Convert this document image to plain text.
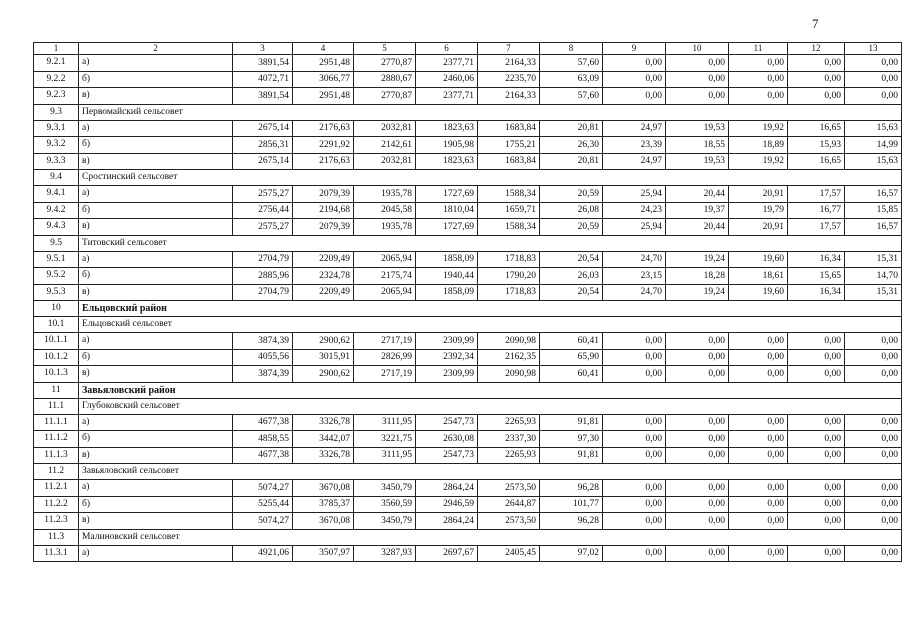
7
1	2	3	4	5	6	7	8	9	10	11	12	13
9.2.1	а)	3891,54	2951,48	2770,87	2377,71	2164,33	57,60	0,00	0,00	0,00	0,00	0,00
9.2.2	б)	4072,71	3066,77	2880,67	2460,06	2235,70	63,09	0,00	0,00	0,00	0,00	0,00
9.2.3	в)	3891,54	2951,48	2770,87	2377,71	2164,33	57,60	0,00	0,00	0,00	0,00	0,00
9.3	Первомайский сельсовет											
9.3.1	а)	2675,14	2176,63	2032,81	1823,63	1683,84	20,81	24,97	19,53	19,92	16,65	15,63
9.3.2	б)	2856,31	2291,92	2142,61	1905,98	1755,21	26,30	23,39	18,55	18,89	15,93	14,99
9.3.3	в)	2675,14	2176,63	2032,81	1823,63	1683,84	20,81	24,97	19,53	19,92	16,65	15,63
9.4	Сростинский сельсовет											
9.4.1	а)	2575,27	2079,39	1935,78	1727,69	1588,34	20,59	25,94	20,44	20,91	17,57	16,57
9.4.2	б)	2756,44	2194,68	2045,58	1810,04	1659,71	26,08	24,23	19,37	19,79	16,77	15,85
9.4.3	в)	2575,27	2079,39	1935,78	1727,69	1588,34	20,59	25,94	20,44	20,91	17,57	16,57
9.5	Титовский сельсовет											
9.5.1	а)	2704,79	2209,49	2065,94	1858,09	1718,83	20,54	24,70	19,24	19,60	16,34	15,31
9.5.2	б)	2885,96	2324,78	2175,74	1940,44	1790,20	26,03	23,15	18,28	18,61	15,65	14,70
9.5.3	в)	2704,79	2209,49	2065,94	1858,09	1718,83	20,54	24,70	19,24	19,60	16,34	15,31
10	Ельцовский район											
10.1	Ельцовский сельсовет											
10.1.1	а)	3874,39	2900,62	2717,19	2309,99	2090,98	60,41	0,00	0,00	0,00	0,00	0,00
10.1.2	б)	4055,56	3015,91	2826,99	2392,34	2162,35	65,90	0,00	0,00	0,00	0,00	0,00
10.1.3	в)	3874,39	2900,62	2717,19	2309,99	2090,98	60,41	0,00	0,00	0,00	0,00	0,00
11	Завьяловский район											
11.1	Глубоковский сельсовет											
11.1.1	а)	4677,38	3326,78	3111,95	2547,73	2265,93	91,81	0,00	0,00	0,00	0,00	0,00
11.1.2	б)	4858,55	3442,07	3221,75	2630,08	2337,30	97,30	0,00	0,00	0,00	0,00	0,00
11.1.3	в)	4677,38	3326,78	3111,95	2547,73	2265,93	91,81	0,00	0,00	0,00	0,00	0,00
11.2	Завьяловский сельсовет											
11.2.1	а)	5074,27	3670,08	3450,79	2864,24	2573,50	96,28	0,00	0,00	0,00	0,00	0,00
11.2.2	б)	5255,44	3785,37	3560,59	2946,59	2644,87	101,77	0,00	0,00	0,00	0,00	0,00
11.2.3	в)	5074,27	3670,08	3450,79	2864,24	2573,50	96,28	0,00	0,00	0,00	0,00	0,00
11.3	Малиновский сельсовет											
11.3.1	а)	4921,06	3507,97	3287,93	2697,67	2405,45	97,02	0,00	0,00	0,00	0,00	0,00
